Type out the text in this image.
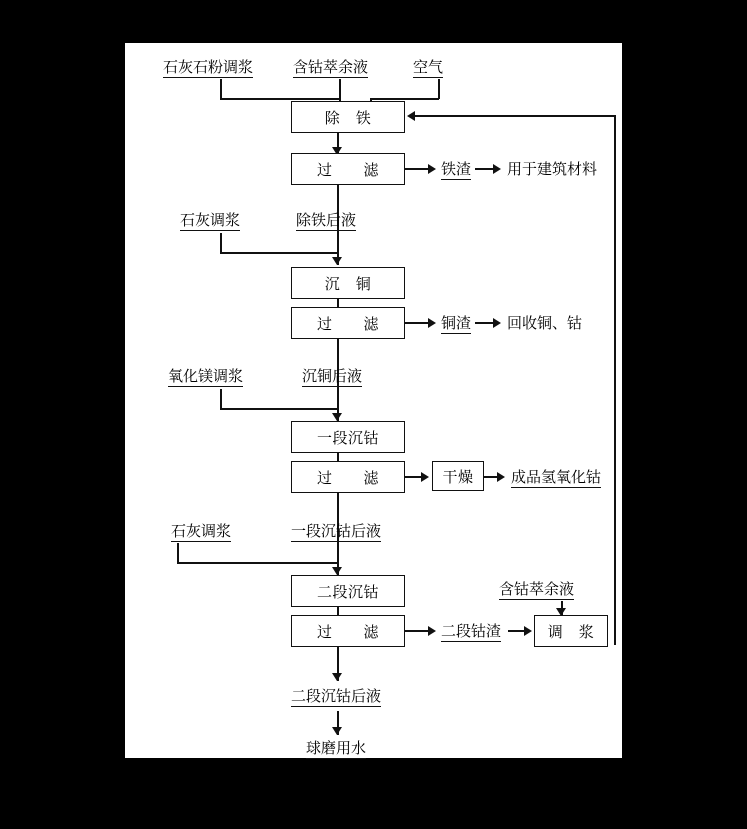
石灰石粉调浆	含钴萃余液	空气
除　铁
过　　滤	铁渣 用于建筑材料
石灰调浆	除铁后液
沉　铜
过　　滤	铜渣 回收铜、钴
氧化镁调浆	沉铜后液
一段沉钴
过　　滤	干燥	成品氢氧化钴
石灰调浆	一段沉钴后液
二段沉钴
过　　滤	二段钴渣
含钴萃余液
调　浆
二段沉钴后液
球磨用水
